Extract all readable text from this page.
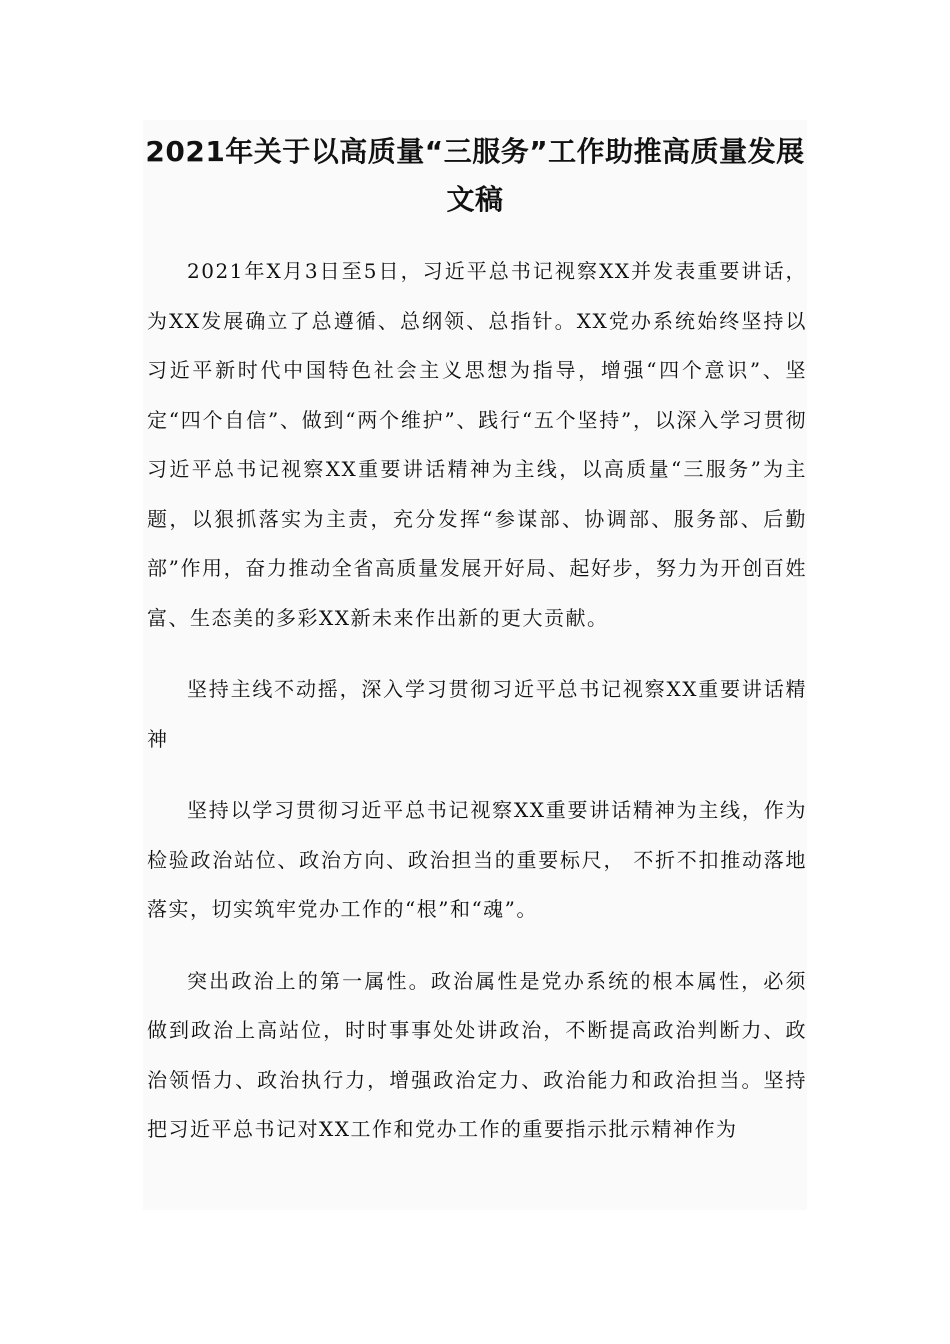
2021年关于以高质量“三服务”工作助推高质量发展文稿

2021年X月3日至5日，习近平总书记视察XX并发表重要讲话，为XX发展确立了总遵循、总纲领、总指针。XX党办系统始终坚持以习近平新时代中国特色社会主义思想为指导，增强“四个意识”、坚定“四个自信”、做到“两个维护”、践行“五个坚持”，以深入学习贯彻习近平总书记视察XX重要讲话精神为主线，以高质量“三服务”为主题，以狠抓落实为主责，充分发挥“参谋部、协调部、服务部、后勤部”作用，奋力推动全省高质量发展开好局、起好步，努力为开创百姓富、生态美的多彩XX新未来作出新的更大贡献。

坚持主线不动摇，深入学习贯彻习近平总书记视察XX重要讲话精神

坚持以学习贯彻习近平总书记视察XX重要讲话精神为主线，作为检验政治站位、政治方向、政治担当的重要标尺， 不折不扣推动落地落实，切实筑牢党办工作的“根”和“魂”。

突出政治上的第一属性。政治属性是党办系统的根本属性，必须做到政治上高站位，时时事事处处讲政治，不断提高政治判断力、政治领悟力、政治执行力，增强政治定力、政治能力和政治担当。坚持把习近平总书记对XX工作和党办工作的重要指示批示精神作为
